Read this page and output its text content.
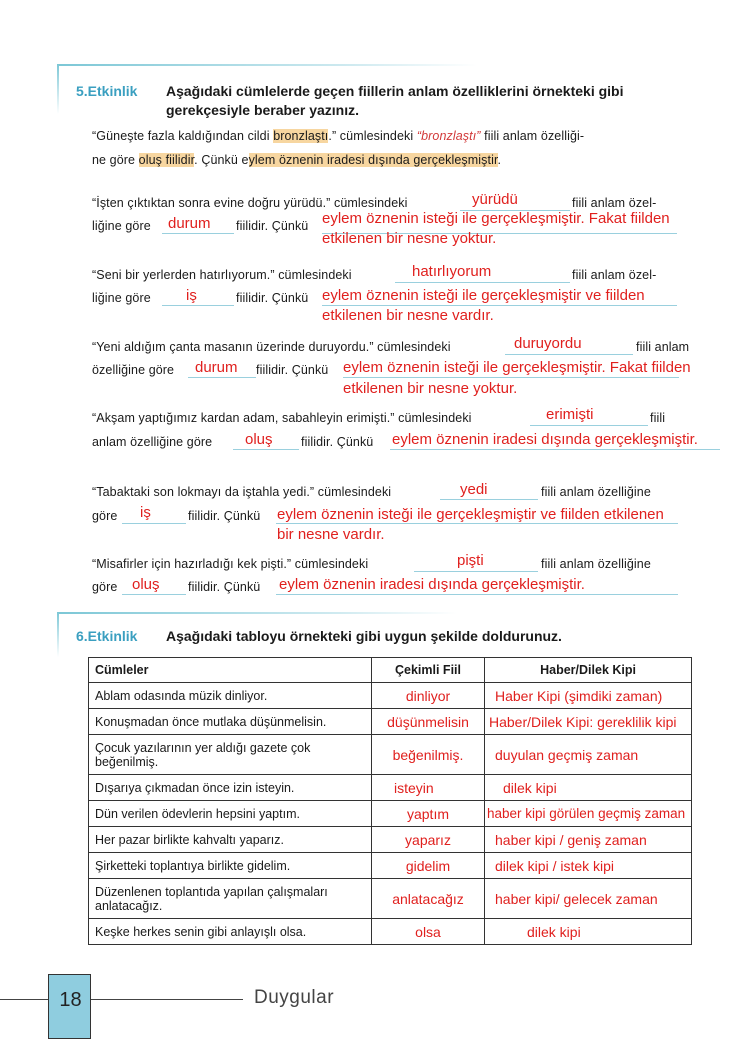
5.Etkinlik Aşağıdaki cümlelerde geçen fiillerin anlam özelliklerini örnekteki gibi
gerekçesiyle beraber yazınız.
“Güneşte fazla kaldığından cildi bronzlaştı.” cümlesindeki “bronzlaştı” fiili anlam özelliği-
ne göre oluş fiilidir. Çünkü eylem öznenin iradesi dışında gerçekleşmiştir.
“İşten çıktıktan sonra evine doğru yürüdü.” cümlesindeki	yürüdü	fiili anlam özel-
liğine göre durum fiilidir. Çünkü eylem öznenin isteği ile gerçekleşmiştir. Fakat fiilden
etkilenen bir nesne yoktur.
“Seni bir yerlerden hatırlıyorum.” cümlesindeki	hatırlıyorum	fiili anlam özel-
liğine göre iş	fiilidir. Çünkü eylem öznenin isteği ile gerçekleşmiştir ve fiilden
etkilenen bir nesne vardır.
“Yeni aldığım çanta masanın üzerinde duruyordu.” cümlesindeki	duruyordu	fiili anlam
özelliğine göre durum fiilidir. Çünkü eylem öznenin isteği ile gerçekleşmiştir. Fakat fiilden
etkilenen bir nesne yoktur.
“Akşam yaptığımız kardan adam, sabahleyin erimişti.” cümlesindeki	erimişti	fiili
anlam özelliğine göre oluş fiilidir. Çünkü eylem öznenin iradesi dışında gerçekleşmiştir.
“Tabaktaki son lokmayı da iştahla yedi.” cümlesindeki	yedi	fiili anlam özelliğine
göre iş	fiilidir. Çünkü eylem öznenin isteği ile gerçekleşmiştir ve fiilden etkilenen
bir nesne vardır.
“Misafirler için hazırladığı kek pişti.” cümlesindeki	pişti	fiili anlam özelliğine
göre oluş fiilidir. Çünkü eylem öznenin iradesi dışında gerçekleşmiştir.
6.Etkinlik Aşağıdaki tabloyu örnekteki gibi uygun şekilde doldurunuz.
Cümleler	Çekimli Fiil	Haber/Dilek Kipi
Ablam odasında müzik dinliyor.	dinliyor	Haber Kipi (şimdiki zaman)
Konuşmadan önce mutlaka düşünmelisin.	düşünmelisin	Haber/Dilek Kipi: gereklilik kipi
Çocuk yazılarının yer aldığı gazete çok beğenilmiş.	beğenilmiş.	duyulan geçmiş zaman
Dışarıya çıkmadan önce izin isteyin.	isteyin	dilek kipi
Dün verilen ödevlerin hepsini yaptım.	yaptım	haber kipi görülen geçmiş zaman
Her pazar birlikte kahvaltı yaparız.	yaparız	haber kipi / geniş zaman
Şirketteki toplantıya birlikte gidelim.	gidelim	dilek kipi / istek kipi
Düzenlenen toplantıda yapılan çalışmaları anlatacağız.	anlatacağız	haber kipi/ gelecek zaman
Keşke herkes senin gibi anlayışlı olsa.	olsa	dilek kipi
18	Duygular
